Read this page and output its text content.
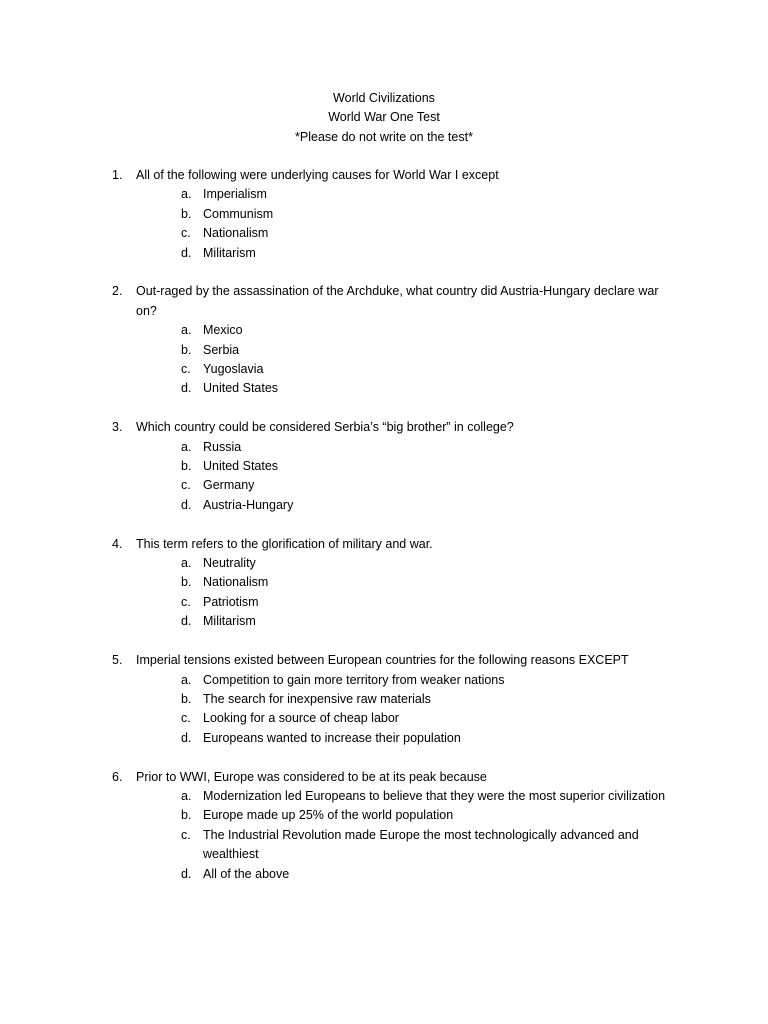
World Civilizations
World War One Test
*Please do not write on the test*
1. All of the following were underlying causes for World War I except
a. Imperialism
b. Communism
c. Nationalism
d. Militarism
2. Out-raged by the assassination of the Archduke, what country did Austria-Hungary declare war on?
a. Mexico
b. Serbia
c. Yugoslavia
d. United States
3. Which country could be considered Serbia’s “big brother” in college?
a. Russia
b. United States
c. Germany
d. Austria-Hungary
4. This term refers to the glorification of military and war.
a. Neutrality
b. Nationalism
c. Patriotism
d. Militarism
5. Imperial tensions existed between European countries for the following reasons EXCEPT
a. Competition to gain more territory from weaker nations
b. The search for inexpensive raw materials
c. Looking for a source of cheap labor
d. Europeans wanted to increase their population
6. Prior to WWI, Europe was considered to be at its peak because
a. Modernization led Europeans to believe that they were the most superior civilization
b. Europe made up 25% of the world population
c. The Industrial Revolution made Europe the most technologically advanced and wealthiest
d. All of the above
